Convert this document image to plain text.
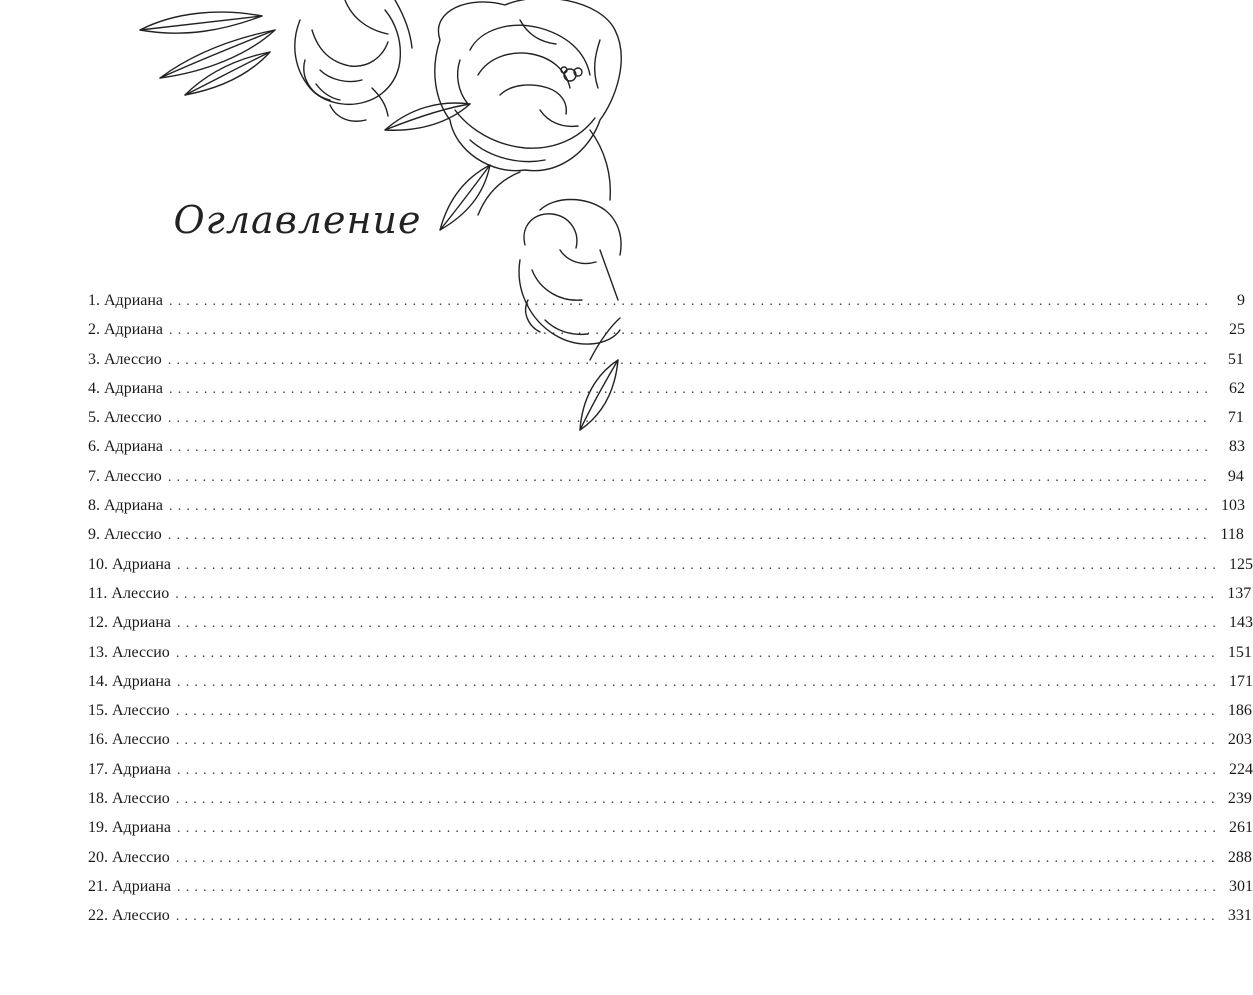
Оглавление
1. Адриана ........................................................................................................................	9
2. Адриана ........................................................................................................................	25
3. Алессио ........................................................................................................................	51
4. Адриана ........................................................................................................................	62
5. Алессио ........................................................................................................................	71
6. Адриана ........................................................................................................................	83
7. Алессио ........................................................................................................................	94
8. Адриана ........................................................................................................................ 103
9. Алессио ........................................................................................................................ 118
10. Адриана ........................................................................................................................ 125
11. Алессио ........................................................................................................................ 137
12. Адриана ........................................................................................................................ 143
13. Алессио ........................................................................................................................ 151
14. Адриана ........................................................................................................................ 171
15. Алессио ........................................................................................................................ 186
16. Алессио ........................................................................................................................ 203
17. Адриана ........................................................................................................................ 224
18. Алессио ........................................................................................................................ 239
19. Адриана ........................................................................................................................ 261
20. Алессио ........................................................................................................................ 288
21. Адриана ........................................................................................................................ 301
22. Алессио ........................................................................................................................ 331
